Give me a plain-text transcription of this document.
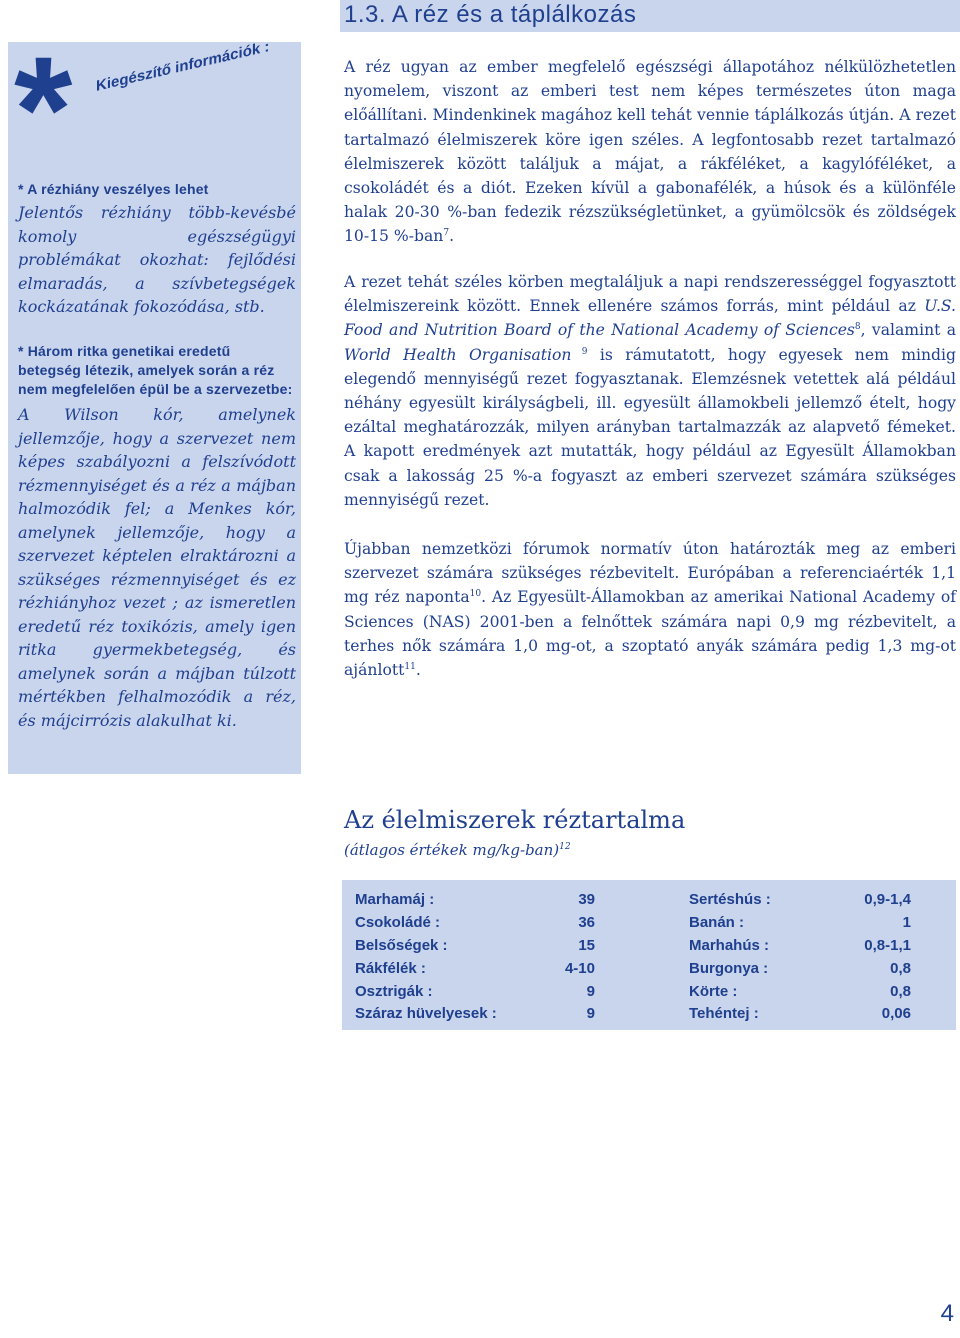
1.3. A réz és a táplálkozás
* Kiegészítő információk :

* A rézhiány veszélyes lehet

Jelentős rézhiány több-kevésbé komoly egészségügyi problémákat okozhat: fejlődési elmaradás, a szívbetegségek kockázatának fokozódása, stb.

* Három ritka genetikai eredetű betegség létezik, amelyek során a réz nem megfelelően épül be a szervezetbe:

A Wilson kór, amelynek jellemzője, hogy a szervezet nem képes szabályozni a felszívódott rézmennyiséget és a réz a májban halmozódik fel; a Menkes kór, amelynek jellemzője, hogy a szervezet képtelen elraktározni a szükséges rézmennyiséget és ez rézhiányhoz vezet ; az ismeretlen eredetű réz toxikózis, amely igen ritka gyermekbetegség, és amelynek során a májban túlzott mértékben felhalmozódik a réz, és májcirrózis alakulhat ki.

A réz ugyan az ember megfelelő egészségi állapotához nélkülözhetetlen nyomelem, viszont az emberi test nem képes természetes úton maga előállítani. Mindenkinek magához kell tehát vennie táplálkozás útján. A rezet tartalmazó élelmiszerek köre igen széles. A legfontosabb rezet tartalmazó élelmiszerek között találjuk a májat, a rákféléket, a kagylóféléket, a csokoládét és a diót. Ezeken kívül a gabonafélék, a húsok és a különféle halak 20-30 %-ban fedezik rézszükségletünket, a gyümölcsök és zöldségek 10-15 %-ban$^7$.

A rezet tehát széles körben megtaláljuk a napi rendszerességgel fogyasztott élelmiszereink között. Ennek ellenére számos forrás, mint például az U.S. Food and Nutrition Board of the National Academy of Sciences$^8$, valamint a World Health Organisation $^9$ is rámutatott, hogy egyesek nem mindig elegendő mennyiségű rezet fogyasztanak. Elemzésnek vetettek alá például néhány egyesült királyságbeli, ill. egyesült államokbeli jellemző ételt, hogy ezáltal meghatározzák, milyen arányban tartalmazzák az alapvető fémeket. A kapott eredmények azt mutatták, hogy például az Egyesült Államokban csak a lakosság 25 %-a fogyaszt az emberi szervezet számára szükséges mennyiségű rezet.

Újabban nemzetközi fórumok normatív úton határozták meg az emberi szervezet számára szükséges rézbevitelt. Európában a referenciaérték 1,1 mg réz naponta$^{10}$. Az Egyesült-Államokban az amerikai National Academy of Sciences (NAS) 2001-ben a felnőttek számára napi 0,9 mg rézbevitelt, a terhes nők számára 1,0 mg-ot, a szoptató anyák számára pedig 1,3 mg-ot ajánlott$^{11}$.

Az élelmiszerek réztartalma
(átlagos értékek mg/kg-ban)$^{12}$
Marhamáj :	39
Csokoládé :	36
Belsőségek :	15
Rákfélék :	4-10
Osztrigák :	9
Száraz hüvelyesek :	9
Sertéshús :	0,9-1,4
Banán :	1
Marhahús :	0,8-1,1
Burgonya :	0,8
Körte :	0,8
Tehéntej :	0,06
4
